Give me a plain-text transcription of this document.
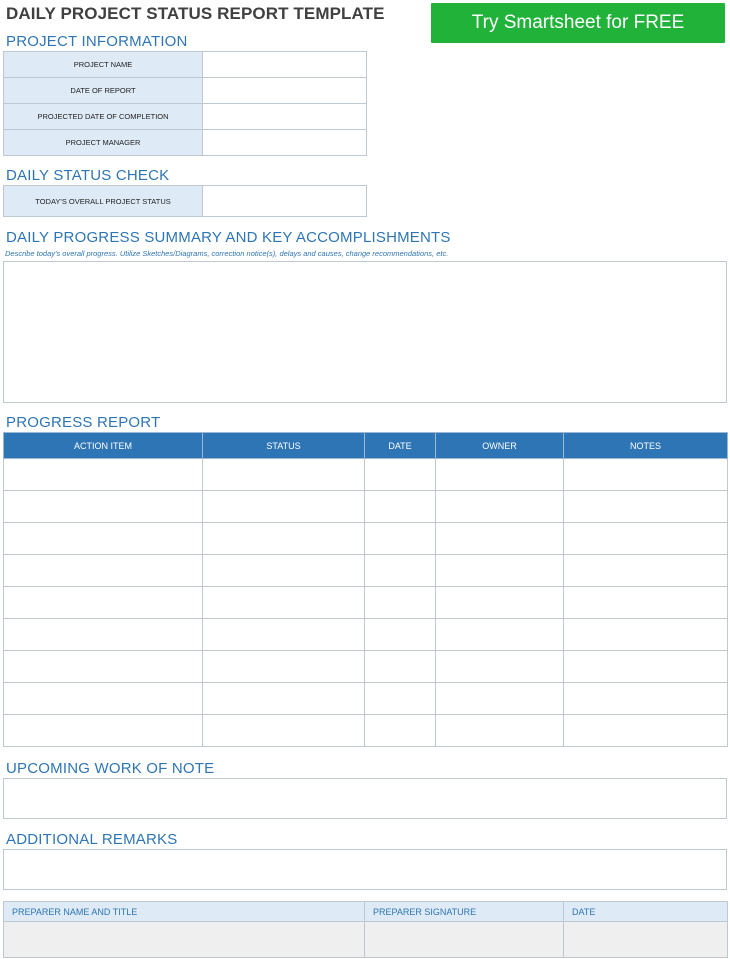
DAILY PROJECT STATUS REPORT TEMPLATE	Try Smartsheet for FREE
PROJECT INFORMATION
PROJECT NAME	
DATE OF REPORT	
PROJECTED DATE OF COMPLETION	
PROJECT MANAGER	
DAILY STATUS CHECK
TODAY'S OVERALL PROJECT STATUS	
DAILY PROGRESS SUMMARY AND KEY ACCOMPLISHMENTS
Describe today's overall progress. Utilize Sketches/Diagrams, correction notice(s), delays and causes, change recommendations, etc.
PROGRESS REPORT
ACTION ITEM	STATUS	DATE	OWNER	NOTES

UPCOMING WORK OF NOTE
ADDITIONAL REMARKS
PREPARER NAME AND TITLE	PREPARER SIGNATURE	DATE
